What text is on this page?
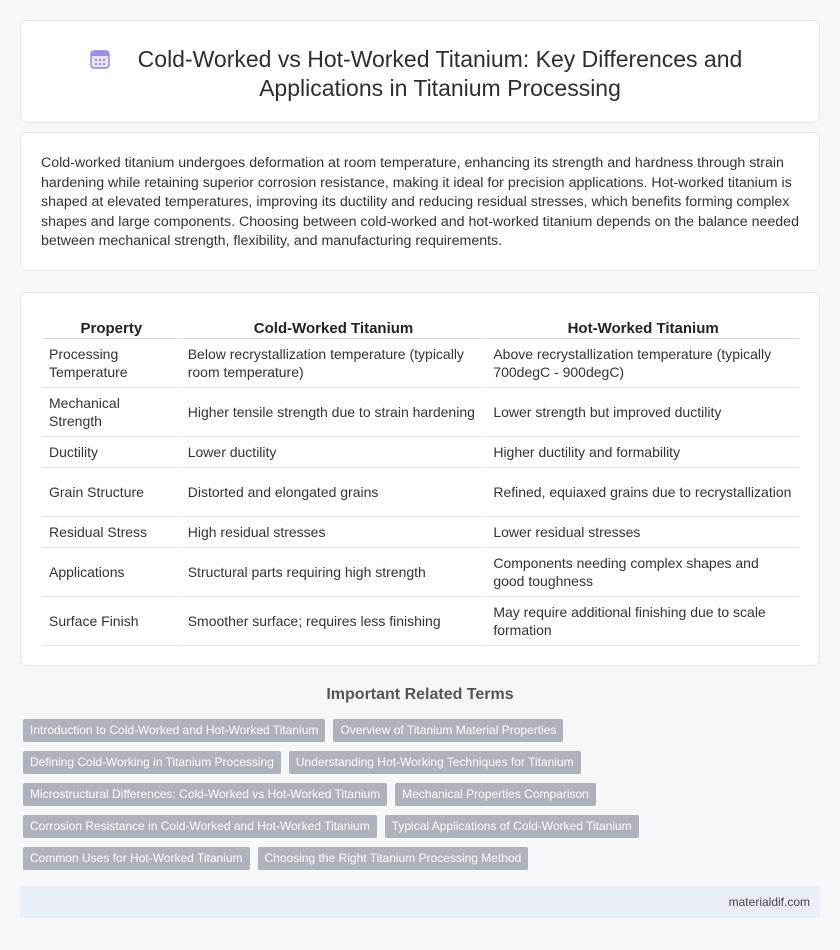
Cold-Worked vs Hot-Worked Titanium: Key Differences and Applications in Titanium Processing

Cold-worked titanium undergoes deformation at room temperature, enhancing its strength and hardness through strain hardening while retaining superior corrosion resistance, making it ideal for precision applications. Hot-worked titanium is shaped at elevated temperatures, improving its ductility and reducing residual stresses, which benefits forming complex shapes and large components. Choosing between cold-worked and hot-worked titanium depends on the balance needed between mechanical strength, flexibility, and manufacturing requirements.

Property	Cold-Worked Titanium	Hot-Worked Titanium
Processing Temperature	Below recrystallization temperature (typically room temperature)	Above recrystallization temperature (typically 700degC - 900degC)
Mechanical Strength	Higher tensile strength due to strain hardening	Lower strength but improved ductility
Ductility	Lower ductility	Higher ductility and formability
Grain Structure	Distorted and elongated grains	Refined, equiaxed grains due to recrystallization
Residual Stress	High residual stresses	Lower residual stresses
Applications	Structural parts requiring high strength	Components needing complex shapes and good toughness
Surface Finish	Smoother surface; requires less finishing	May require additional finishing due to scale formation
Important Related Terms
Introduction to Cold-Worked and Hot-Worked Titanium	Overview of Titanium Material Properties
Defining Cold-Working in Titanium Processing	Understanding Hot-Working Techniques for Titanium
Microstructural Differences: Cold-Worked vs Hot-Worked Titanium	Mechanical Properties Comparison
Corrosion Resistance in Cold-Worked and Hot-Worked Titanium	Typical Applications of Cold-Worked Titanium
Common Uses for Hot-Worked Titanium	Choosing the Right Titanium Processing Method
materialdif.com
